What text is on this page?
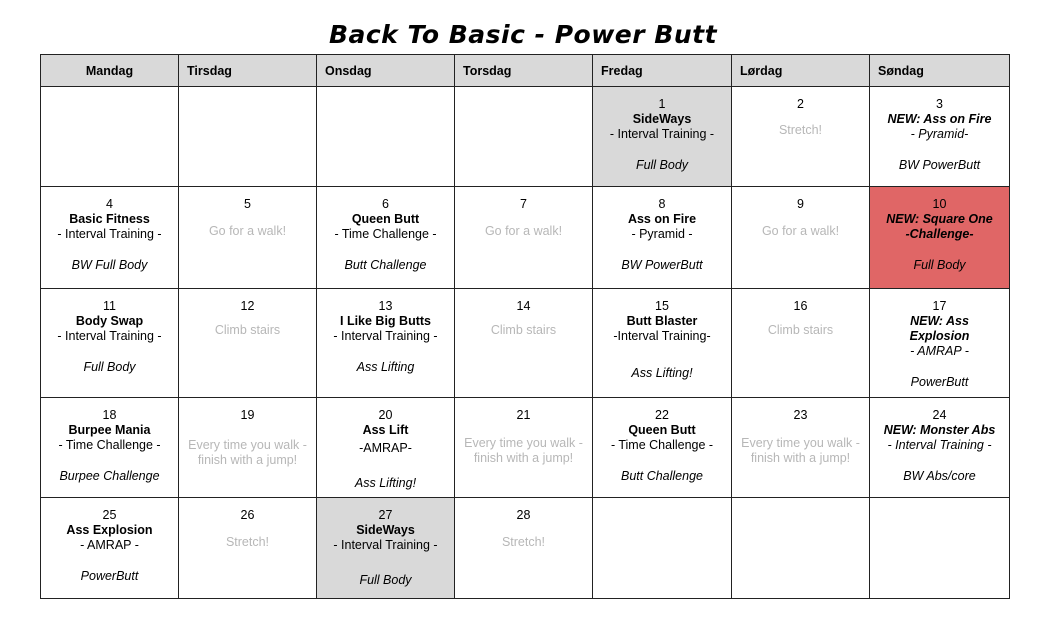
Back To Basic - Power Butt
Mandag	Tirsdag	Onsdag	Torsdag	Fredag	Lørdag	Søndag

				1
SideWays
- Interval Training -
Full Body	2
Stretch!	3
NEW: Ass on Fire
- Pyramid-
BW PowerButt

4
Basic Fitness
- Interval Training -
BW Full Body	5
Go for a walk!	6
Queen Butt
- Time Challenge -
Butt Challenge	7
Go for a walk!	8
Ass on Fire
- Pyramid -
BW PowerButt	9
Go for a walk!	10
NEW: Square One
-Challenge-
Full Body

11
Body Swap
- Interval Training -
Full Body	12
Climb stairs	13
I Like Big Butts
- Interval Training -
Ass Lifting	14
Climb stairs	15
Butt Blaster
-Interval Training-
Ass Lifting!	16
Climb stairs	17
NEW: Ass Explosion
- AMRAP -
PowerButt

18
Burpee Mania
- Time Challenge -
Burpee Challenge	19
Every time you walk - finish with a jump!	20
Ass Lift
-AMRAP-
Ass Lifting!	21
Every time you walk - finish with a jump!	22
Queen Butt
- Time Challenge -
Butt Challenge	23
Every time you walk - finish with a jump!	24
NEW: Monster Abs
- Interval Training -
BW Abs/core

25
Ass Explosion
- AMRAP -
PowerButt	26
Stretch!	27
SideWays
- Interval Training -
Full Body	28
Stretch!			
